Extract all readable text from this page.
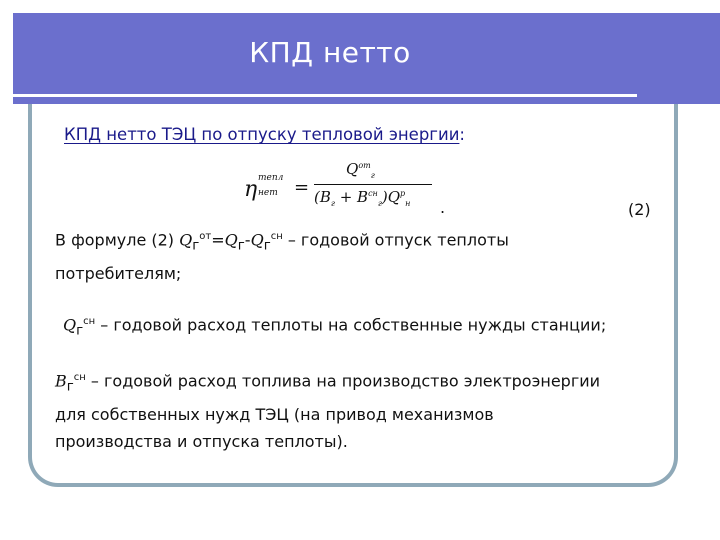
КПД нетто
КПД нетто ТЭЦ по отпуску тепловой энергии:
η тепл
нет =
$Q^{от}_г$
$(B_г + B^{сн}_г)Q^р_н$ .	(2)
В формуле (2) $Q_г^{от}=Q_г-Q_г^{сн}$ – годовой отпуск теплоты потребителям;
$Q_г^{сн}$ – годовой расход теплоты на собственные нужды станции;
$B_г^{сн}$ – годовой расход топлива на производство электроэнергии для собственных нужд ТЭЦ (на привод механизмов производства и отпуска теплоты).
